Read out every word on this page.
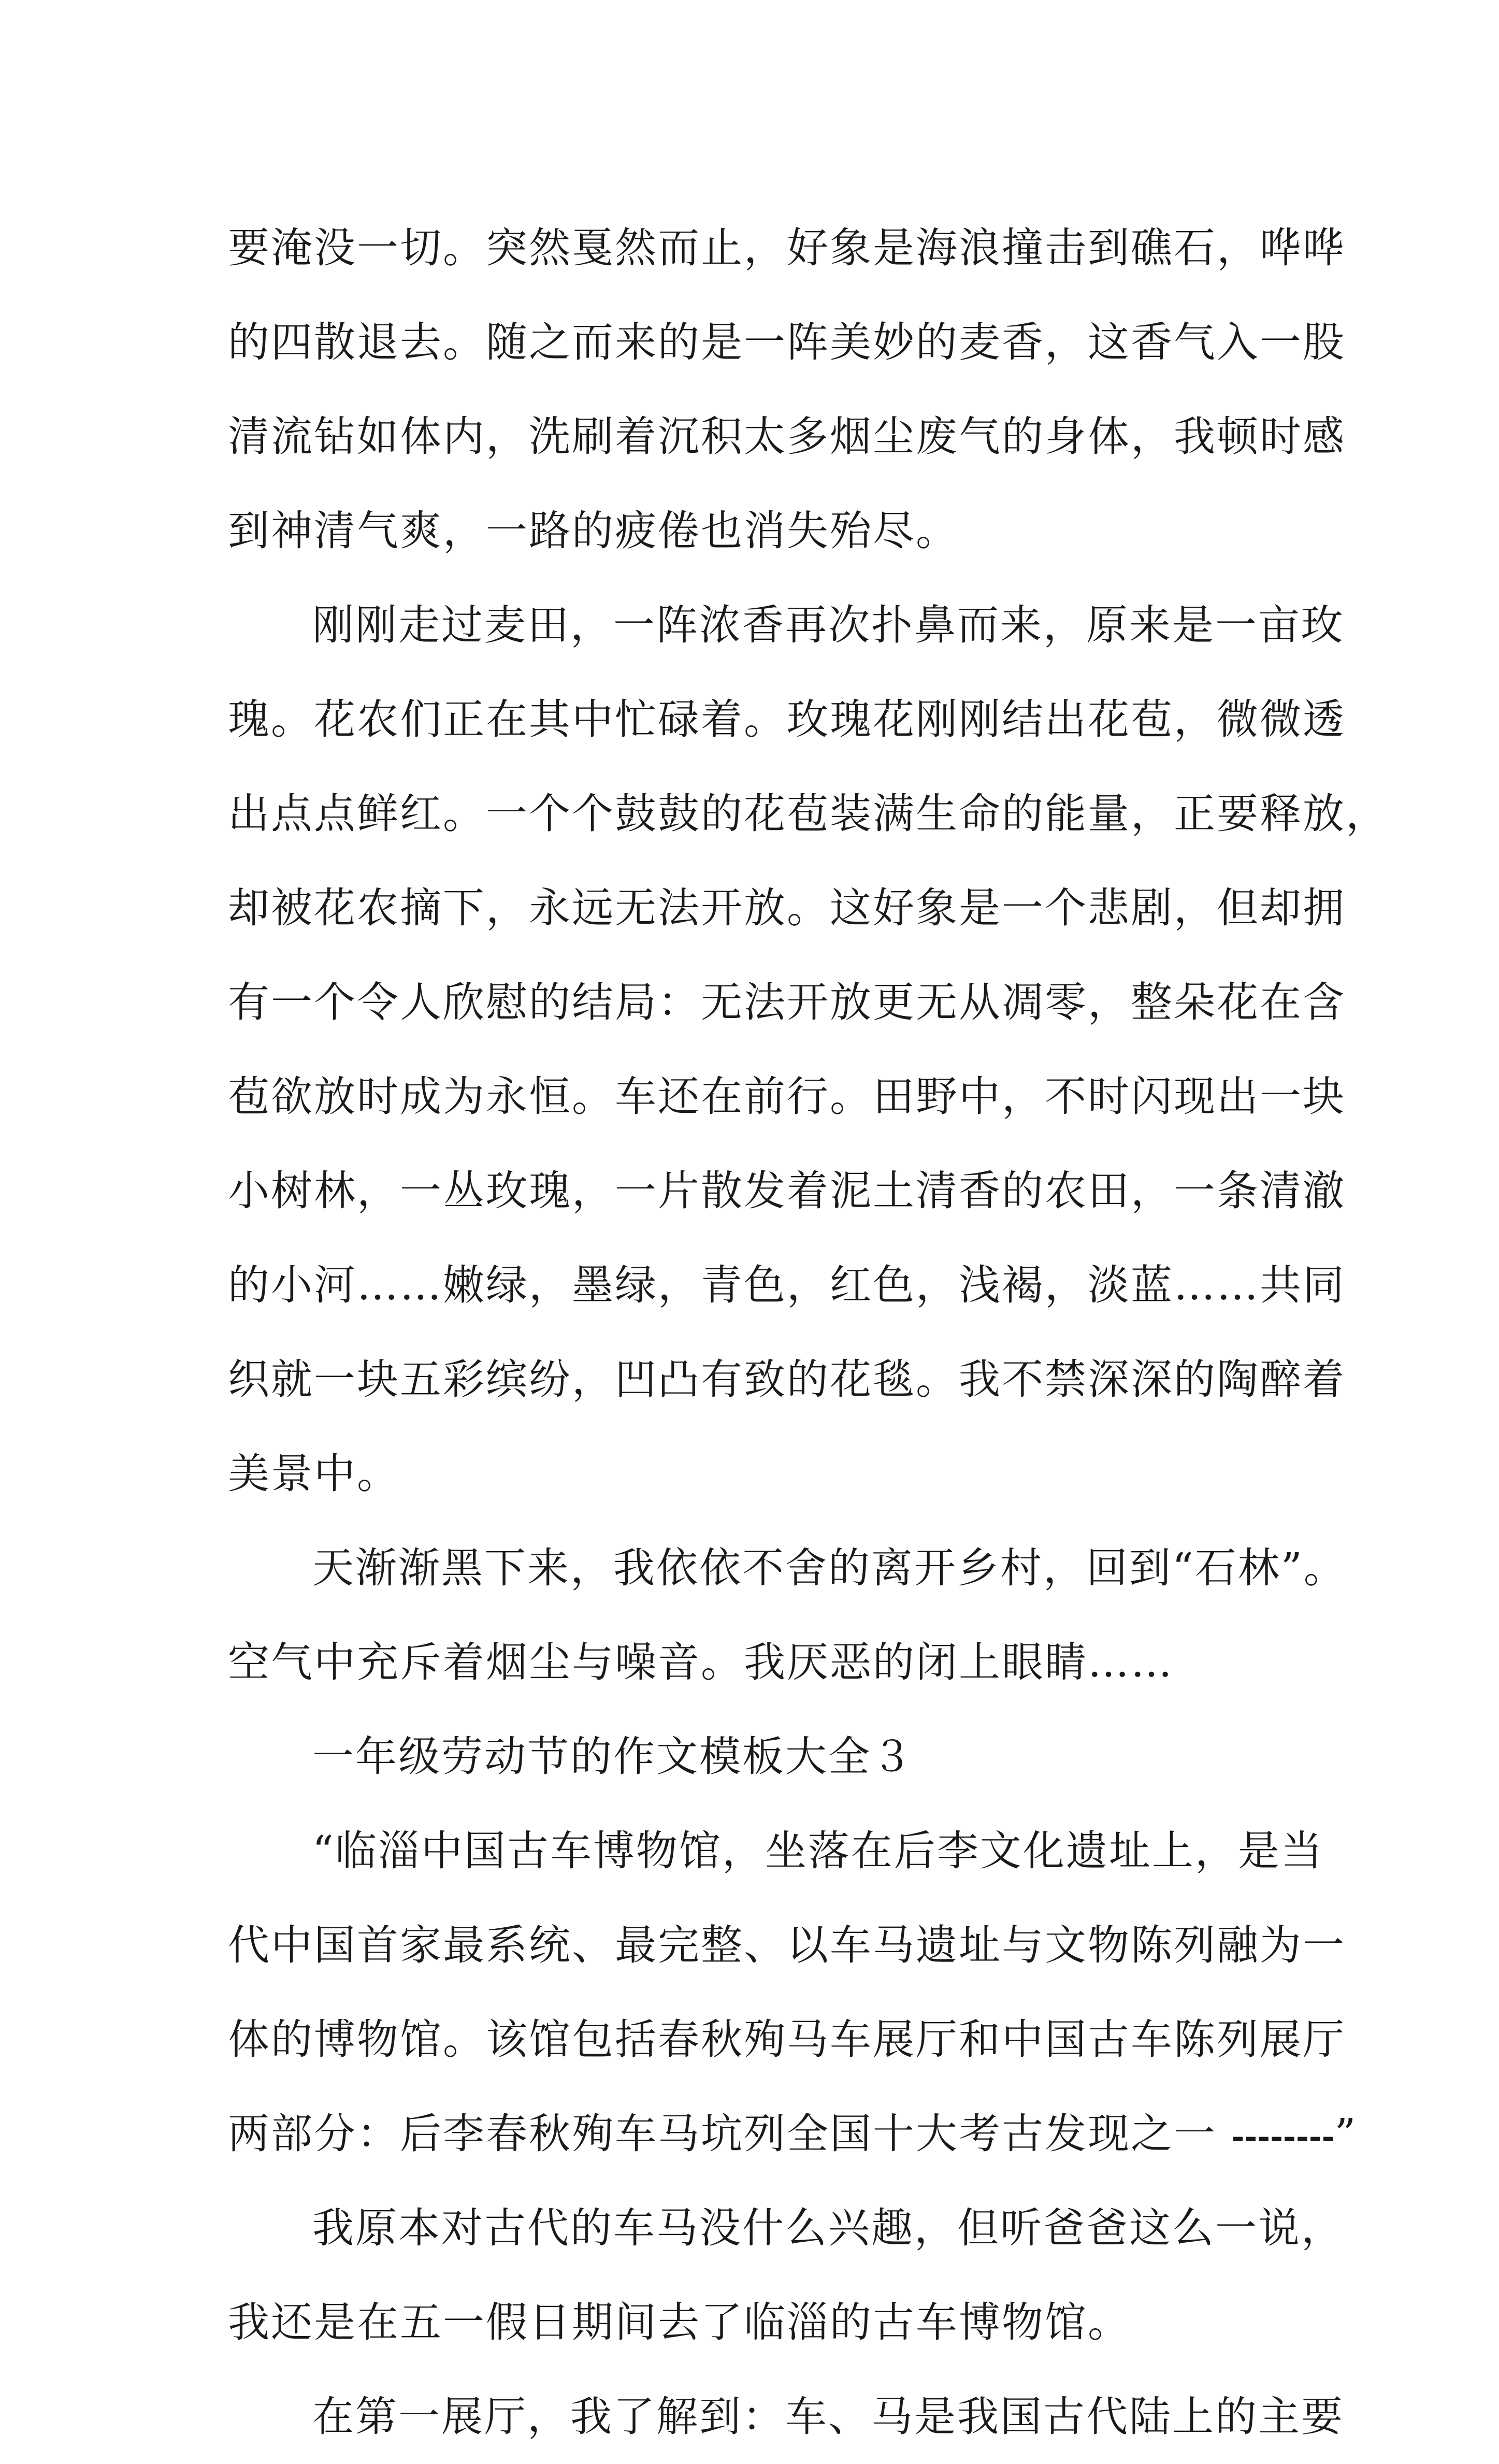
要淹没一切。突然戛然而止，好象是海浪撞击到礁石，哗哗
的四散退去。随之而来的是一阵美妙的麦香，这香气入一股
清流钻如体内，洗刷着沉积太多烟尘废气的身体，我顿时感
到神清气爽，一路的疲倦也消失殆尽。
刚刚走过麦田，一阵浓香再次扑鼻而来，原来是一亩玫
瑰。花农们正在其中忙碌着。玫瑰花刚刚结出花苞，微微透
出点点鲜红。一个个鼓鼓的花苞装满生命的能量，正要释放，
却被花农摘下，永远无法开放。这好象是一个悲剧，但却拥
有一个令人欣慰的结局：无法开放更无从凋零，整朵花在含
苞欲放时成为永恒。车还在前行。田野中，不时闪现出一块
小树林，一丛玫瑰，一片散发着泥土清香的农田，一条清澈
的小河……嫩绿，墨绿，青色，红色，浅褐，淡蓝……共同
织就一块五彩缤纷，凹凸有致的花毯。我不禁深深的陶醉着
美景中。
天渐渐黑下来，我依依不舍的离开乡村，回到“石林”。
空气中充斥着烟尘与噪音。我厌恶的闭上眼睛……
一年级劳动节的作文模板大全３
“临淄中国古车博物馆，坐落在后李文化遗址上，是当
代中国首家最系统、最完整、以车马遗址与文物陈列融为一
体的博物馆。该馆包括春秋殉马车展厅和中国古车陈列展厅
两部分：后李春秋殉车马坑列全国十大考古发现之一 --------”
我原本对古代的车马没什么兴趣，但听爸爸这么一说，
我还是在五一假日期间去了临淄的古车博物馆。
在第一展厅，我了解到：车、马是我国古代陆上的主要
